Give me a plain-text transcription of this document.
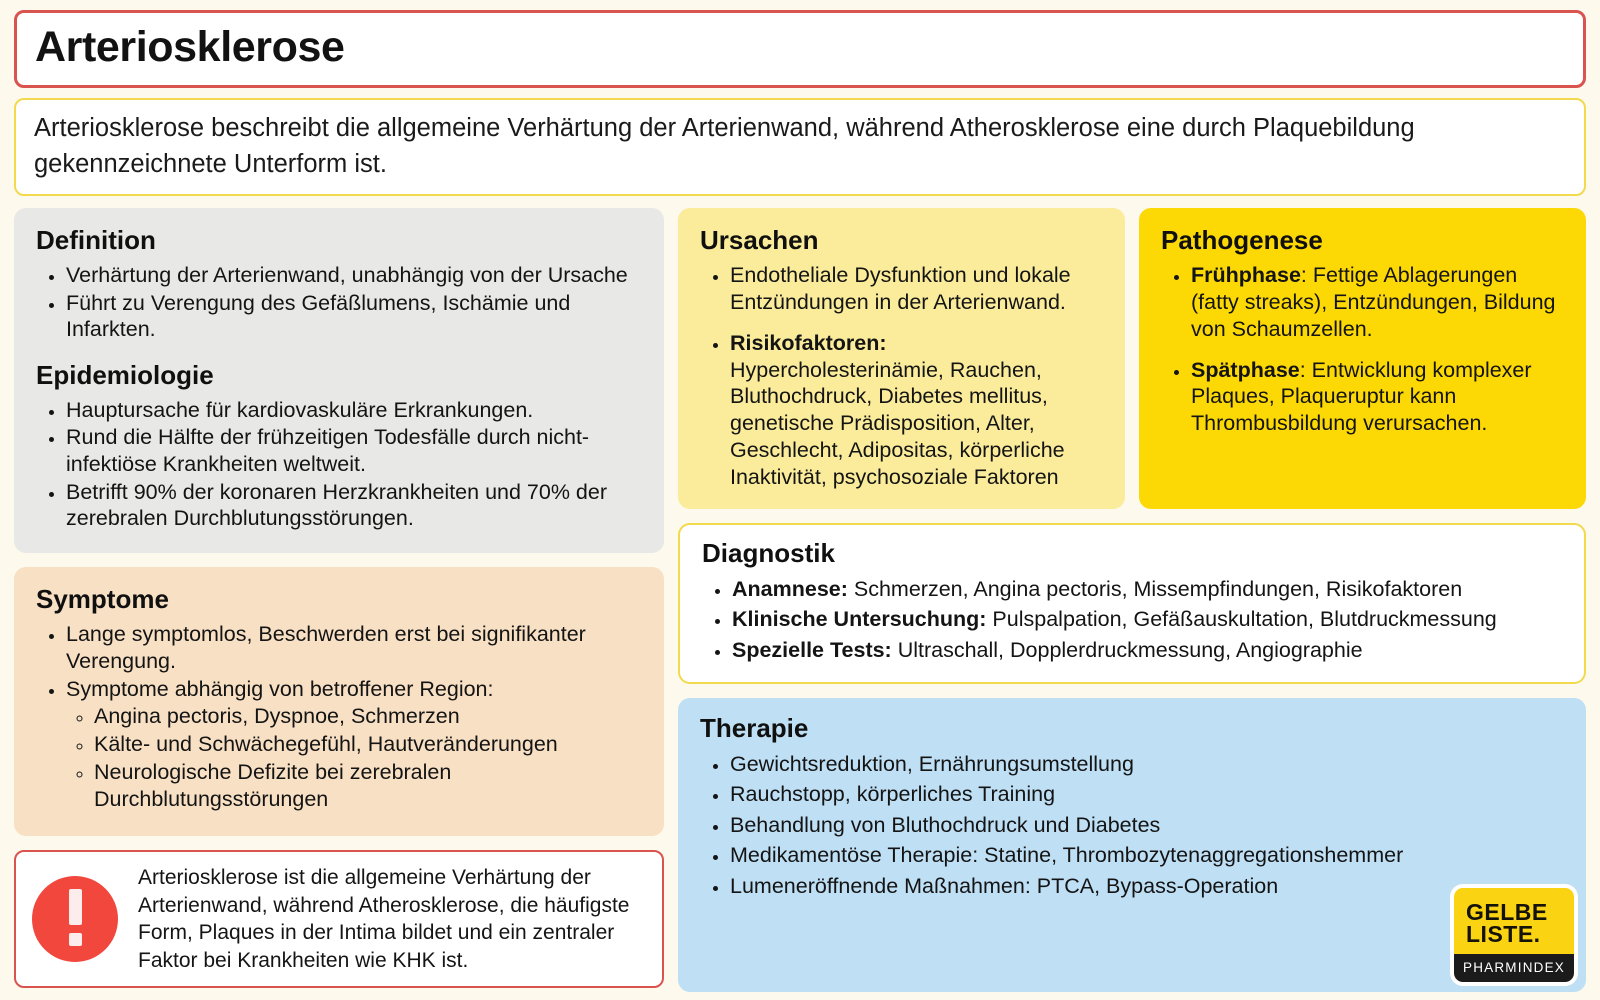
Arteriosklerose

Arteriosklerose beschreibt die allgemeine Verhärtung der Arterienwand, während Atherosklerose eine durch Plaquebildung gekennzeichnete Unterform ist.

Definition
• Verhärtung der Arterienwand, unabhängig von der Ursache
• Führt zu Verengung des Gefäßlumens, Ischämie und Infarkten.
Epidemiologie
• Hauptursache für kardiovaskuläre Erkrankungen.
• Rund die Hälfte der frühzeitigen Todesfälle durch nicht-infektiöse Krankheiten weltweit.
• Betrifft 90% der koronaren Herzkrankheiten und 70% der zerebralen Durchblutungsstörungen.
Symptome
• Lange symptomlos, Beschwerden erst bei signifikanter Verengung.
• Symptome abhängig von betroffener Region:
◦ Angina pectoris, Dyspnoe, Schmerzen
◦ Kälte- und Schwächegefühl, Hautveränderungen
◦ Neurologische Defizite bei zerebralen Durchblutungsstörungen
Arteriosklerose ist die allgemeine Verhärtung der Arterienwand, während Atherosklerose, die häufigste Form, Plaques in der Intima bildet und ein zentraler Faktor bei Krankheiten wie KHK ist.
Ursachen
• Endotheliale Dysfunktion und lokale Entzündungen in der Arterienwand.
• Risikofaktoren: Hypercholesterinämie, Rauchen, Bluthochdruck, Diabetes mellitus, genetische Prädisposition, Alter, Geschlecht, Adipositas, körperliche Inaktivität, psychosoziale Faktoren
Pathogenese
• Frühphase: Fettige Ablagerungen (fatty streaks), Entzündungen, Bildung von Schaumzellen.
• Spätphase: Entwicklung komplexer Plaques, Plaqueruptur kann Thrombusbildung verursachen.
Diagnostik
• Anamnese: Schmerzen, Angina pectoris, Missempfindungen, Risikofaktoren
• Klinische Untersuchung: Pulspalpation, Gefäßauskultation, Blutdruckmessung
• Spezielle Tests: Ultraschall, Dopplerdruckmessung, Angiographie
Therapie
• Gewichtsreduktion, Ernährungsumstellung
• Rauchstopp, körperliches Training
• Behandlung von Bluthochdruck und Diabetes
• Medikamentöse Therapie: Statine, Thrombozytenaggregationshemmer
• Lumeneröffnende Maßnahmen: PTCA, Bypass-Operation
GELBE
LISTE.
PHARMINDEX
